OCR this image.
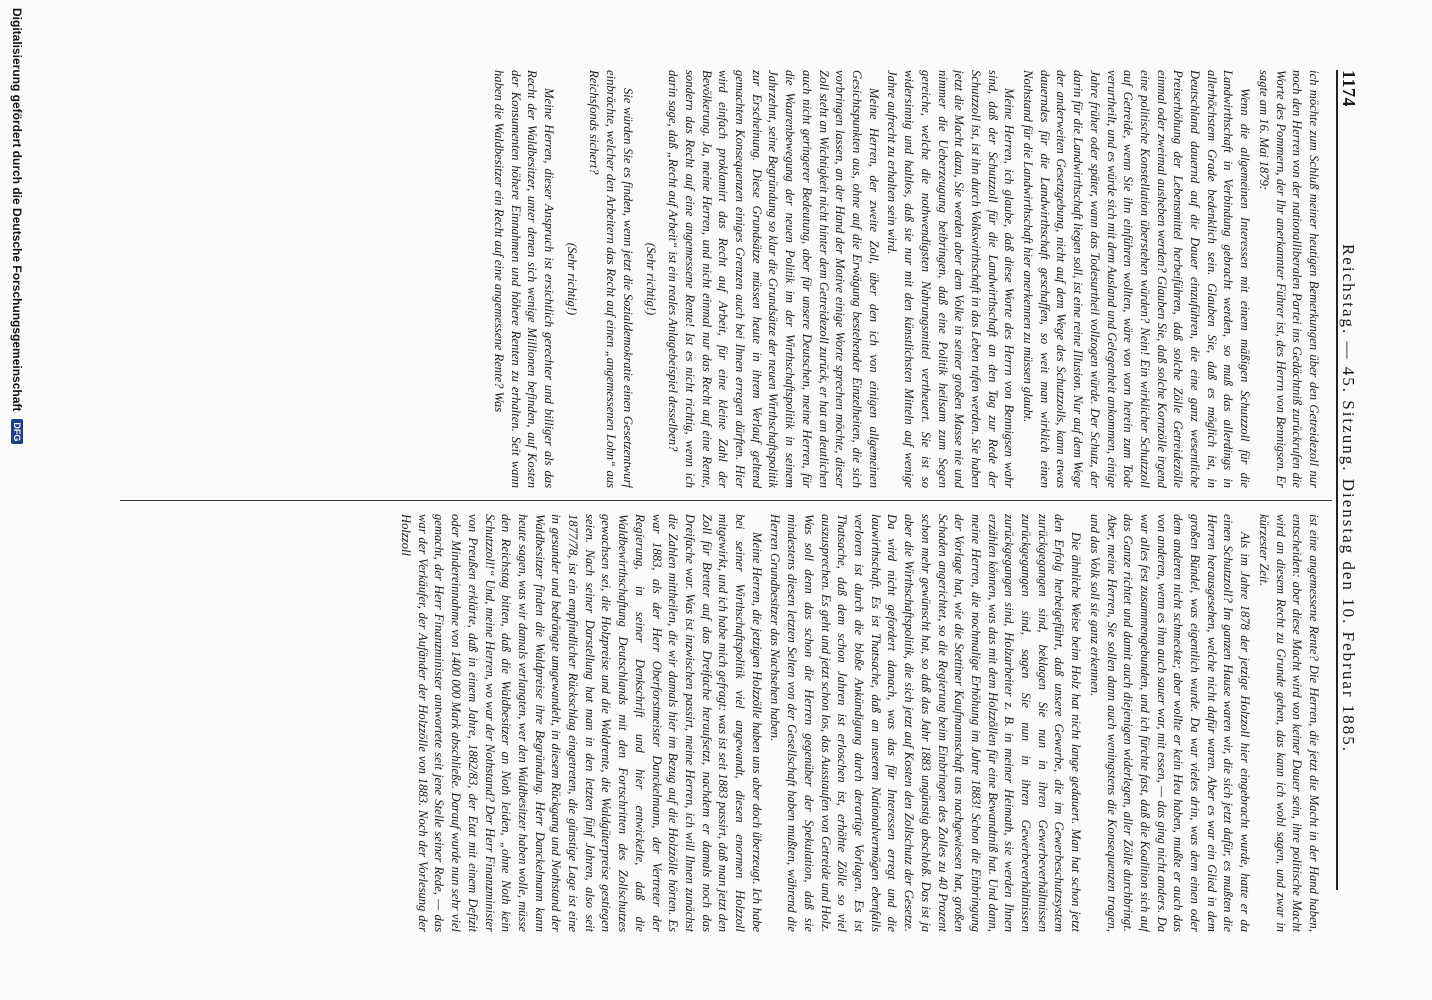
1174
Reichstag. — 45. Sitzung. Dienstag den 10. Februar 1885.

ich möchte zum Schluß meiner heutigen Bemerkungen über den Getreidezoll nur noch den Herren von der nationalliberalen Partei ins Gedächtniß zurückrufen die Worte des Pommern, der Ihr anerkannter Führer ist, des Herrn von Bennigsen. Er sagte am 16. Mai 1879:

Wenn die allgemeinen Interessen mit einem mäßigen Schutzzoll für die Landwirthschaft in Verbindung gebracht werden, so muß das allerdings in allerhöchstem Grade bedenklich sein. Glauben Sie, daß es möglich ist, in Deutschland dauernd auf die Dauer einzuführen, die eine ganz wesentliche Preiserhöhung der Lebensmittel herbeiführen, daß solche Zölle Getreidezölle einmal oder zweimal ausheben werden? Glauben Sie, daß solche Kornzölle irgend eine politische Konstellation überstehen würden? Nein! Ein wirklicher Schutzzoll auf Getreide, wenn Sie ihn einführen wollten, wäre von vorn herein zum Tode verurtheilt, und es würde sich mit dem Ausland und Gelegenheit ankommen, einige Jahre früher oder später, wann das Todesurtheil vollzogen würde. Der Schutz, der darin für die Landwirthschaft liegen soll, ist eine reine Illusion. Nur auf dem Wege der anderweiten Gesetzgebung, nicht auf dem Wege des Schutzzolls, kann etwas dauerndes für die Landwirthschaft geschaffen, so weit man wirklich einen Nothstand für die Landwirthschaft hier anerkennen zu müssen glaubt.

Meine Herren, ich glaube, daß diese Worte des Herrn von Bennigsen wahr sind, daß der Schutzzoll für die Landwirthschaft an den Tag zur Rede der Schutzzoll ist, ist ihn durch Volkswirthschaft in das Leben rufen werden. Sie haben jetzt die Macht dazu, Sie werden aber dem Volke in seiner großen Masse nie und nimmer die Ueberzeugung beibringen, daß eine Politik heilsam zum Segen gereiche, welche die nothwendigsten Nahrungsmittel vertheuert. Sie ist so widersinnig und haltlos, daß sie nur mit den künstlichsten Mitteln auf wenige Jahre aufrecht zu erhalten sein wird.

Meine Herren, der zweite Zoll, über den ich von einigen allgemeinen Gesichtspunkten aus, ohne auf die Erwägung bestehender Einzelheiten, die sich vorbringen lassen, an der Hand der Motive einige Worte sprechen möchte, dieser Zoll steht an Wichtigkeit nicht hinter dem Getreidezoll zurück, er hat an deutlichen auch nicht geringerer Bedeutung, aber für unsere Deutschen, meine Herren, für die Waarenbewegung der neuen Politik im der Wirthschaftspolitik in seinem Jahrzehnt, seine Begründung so klar die Grundsätze der neuen Wirthschaftspolitik zur Erscheinung. Diese Grundsätze müssen heute in ihrem Verlauf geltend gemachten Konsequenzen einiges Grenzen auch bei Ihnen erregen dürften. Hier wird einfach proklamirt das Recht auf Arbeit, für eine kleine Zahl der Bevölkerung. Ja, meine Herren, und nicht einmal nur das Recht auf eine Rente, sondern das Recht auf eine angemessene Rente! Ist es nicht richtig, wenn ich darin sage, daß „Recht auf Arbeit“ ist ein reales Anlagebeispiel desselben?

(Sehr richtig!)

Sie würden Sie es finden, wenn jetzt die Sozialdemokratie einen Gesetzentwurf einbrächte, welcher den Arbeitern das Recht auf einen „angemessenen Lohn“ aus Reichsfonds sichert?

(Sehr richtig!)

Meine Herren, dieser Anspruch ist ersichtlich gerechter und billiger als das Recht der Waldbesitzer, unter denen sich wenige Millionen befinden, auf Kosten der Konsumenten höhere Einnahmen und höhere Renten zu erhalten. Seit wann haben die Waldbesitzer ein Recht auf eine angemessene Rente? Was

ist eine angemessene Rente? Die Herren, die jetzt die Macht in der Hand haben, entscheiden: aber diese Macht wird von keiner Dauer sein, ihre politische Macht wird an diesem Recht zu Grunde gehen, das kann ich wohl sagen, und zwar in kürzester Zeit.

Als im Jahre 1878 der jetzige Holzzoll hier eingebracht wurde, hatte er da einen Schutzzoll? Im ganzen Hause waren wir, die sich jetzt dafür, es mußten die Herren herausgesehen, welche nicht dafür waren. Aber es war ein Glied in dem großen Bündel, was eigentlich wurde. Da war vieles drin, was dem einen oder dem anderen nicht schmeckte; aber wollte er kein Heu haben, mußte er auch das von anderen, wenn es ihm auch sauer war, mit essen, — das ging nicht anders. Da war alles fest zusammengebunden, und ich fürchte fast, daß die Koalition sich auf das Ganze richtet und damit auch diejenigen widerlegen, aller Zölle durchbringt. Aber, meine Herren, Sie sollen dann auch weningstens die Konsequenzen tragen, und das Volk soll sie ganz erkennen.

Die ähnliche Weise beim Holz hat nicht lange gedauert. Man hat schon jetzt den Erfolg herbeigeführt, daß unsere Gewerbe, die im Gewerbeschutzsystem zurückgegangen sind, beklagen Sie nun in ihren Gewerbeverhältnissen zurückgegangen sind, sagen Sie nun in ihren Gewerbeverhältnissen zurückgegangen sind, Holzarbeiter z. B. in meiner Heimath, sie werden Ihnen erzählen können, was das mit dem Holzzöllen für eine Bewandtniß hat. Und dann, meine Herren, die nochmalige Erhöhung im Jahre 1883! Schon die Einbringung der Vorlage hat, wie die Stettiner Kaufmannschaft uns nachgewiesen hat, großen Schaden angerichtet, so die Regierung beim Einbringen des Zolles zu 40 Prozent schon mehr gewünscht hat, so daß das Jahr 1883 ungünstig abschloß. Das ist ja aber die Wirthschaftspolitik, die sich jetzt auf Kosten den Zollschutz der Gesetze. Da wird nicht gefordert danach, was das für Interessen erregt und die lauwirthschaft. Es ist Thatsache, daß an unserem Nationalvermögen ebenfalls verloren ist durch die bloße Ankündigung durch derartige Vorlagen. Es ist Thatsache, daß dem schon Jahren ist erloschen ist, erhöhte Zölle so viel auszusprechen. Es geht und jetzt schon los, das Ausstaufen von Getreide und Holz. Was soll denn das schon die Herren gegenüber der Spekulation, daß sie mindestens diesen letzten Selten von der Gesellschaft haben mußten, während die Herren Grundbesitzer das Nachsehen haben.

Meine Herren, die jetzigen Holzzölle haben uns aber doch überzeugt. Ich habe bei seiner Wirthschaftspolitik viel angewandt, diesen enormen Holzzoll mitgewirkt, und ich habe mich gefragt: was ist seit 1883 passirt, daß man jetzt den Zoll für Bretter auf das Dreifache heraufsetzt, nachdem er damals noch das Dreifache war. Was ist inzwischen passirt, meine Herren, ich will Ihnen zunächst die Zahlen mittheilen, die wir damals hier im Bezug auf die Holzzölle hörten. Es war 1883, als der Herr Oberforstmeister Danckelmann, der Vertreter der Regierung, in seiner Denkschrift und hier entwickelte, daß die Waldbewirthschaftung Deutschlands mit den Fortschritten des Zollschutzes gewachsen sei, die Holzpreise und die Waldrente, die Waldgüterpreise gestiegen seien. Nach seiner Darstellung hat man in den letzten fünf Jahren, also seit 1877/78, ist ein empfindlicher Rückschlag eingetreten, die günstige Lage ist eine in gesunder und bedrängte umgewandelt, in diesem Rückgang und Nothstand der Waldbesitzer finden die Waldpreise ihre Begründung. Herr Danckelmann kann heute sagen, was wir damals verlangten, wer den Waldbesitzer haben wolle, müsse den Reichstag bitten, daß die Waldbesitzer an Noth leiden, „ohne Noth kein Schutzzoll!“ Und, meine Herren, wo war der Nothstand? Der Herr Finanzminister von Preußen erklärte, daß in einem Jahre, 1882/83, der Etat mit einem Defizit oder Mindereinnahme von 1400 000 Mark abschließe. Darauf wurde nun sehr viel gemacht, der Herr Finanzminister antwortete seit jene Stelle seiner Rede, — das war der Verkäufer, der Aufänder der Holzzölle von 1883. Noch der Vorlesung der Holzzoll

Digitalisierung gefördert durch die Deutsche Forschungsgemeinschaft
DFG
